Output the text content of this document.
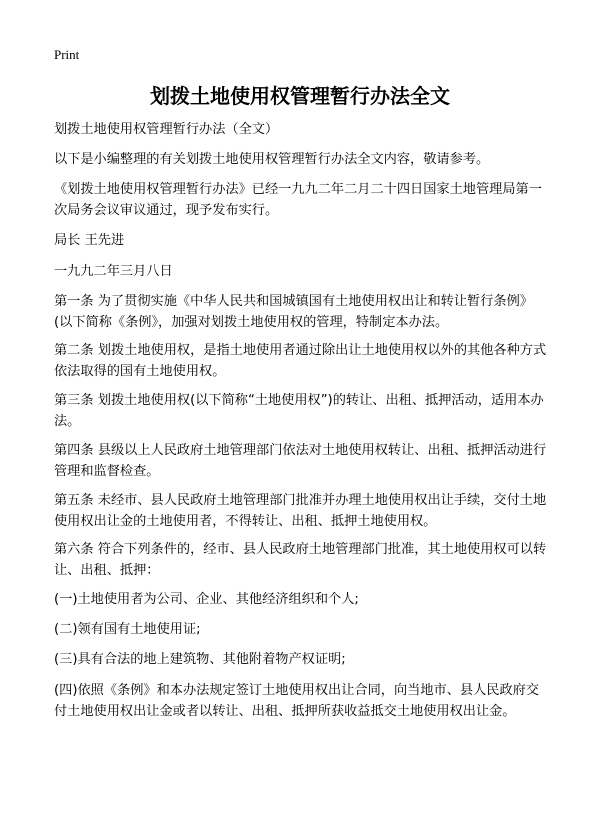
Print
划拨土地使用权管理暂行办法全文

划拨土地使用权管理暂行办法（全文）

以下是小编整理的有关划拨土地使用权管理暂行办法全文内容，敬请参考。

《划拨土地使用权管理暂行办法》已经一九九二年二月二十四日国家土地管理局第一次局务会议审议通过，现予发布实行。

局长 王先进

一九九二年三月八日

第一条 为了贯彻实施《中华人民共和国城镇国有土地使用权出让和转让暂行条例》(以下简称《条例》，加强对划拨土地使用权的管理，特制定本办法。

第二条 划拨土地使用权，是指土地使用者通过除出让土地使用权以外的其他各种方式依法取得的国有土地使用权。

第三条 划拨土地使用权(以下简称“土地使用权”)的转让、出租、抵押活动，适用本办法。

第四条 县级以上人民政府土地管理部门依法对土地使用权转让、出租、抵押活动进行管理和监督检查。

第五条 未经市、县人民政府土地管理部门批准并办理土地使用权出让手续，交付土地使用权出让金的土地使用者，不得转让、出租、抵押土地使用权。

第六条 符合下列条件的，经市、县人民政府土地管理部门批准，其土地使用权可以转让、出租、抵押：

(一)土地使用者为公司、企业、其他经济组织和个人;

(二)领有国有土地使用证;

(三)具有合法的地上建筑物、其他附着物产权证明;

(四)依照《条例》和本办法规定签订土地使用权出让合同，向当地市、县人民政府交付土地使用权出让金或者以转让、出租、抵押所获收益抵交土地使用权出让金。
